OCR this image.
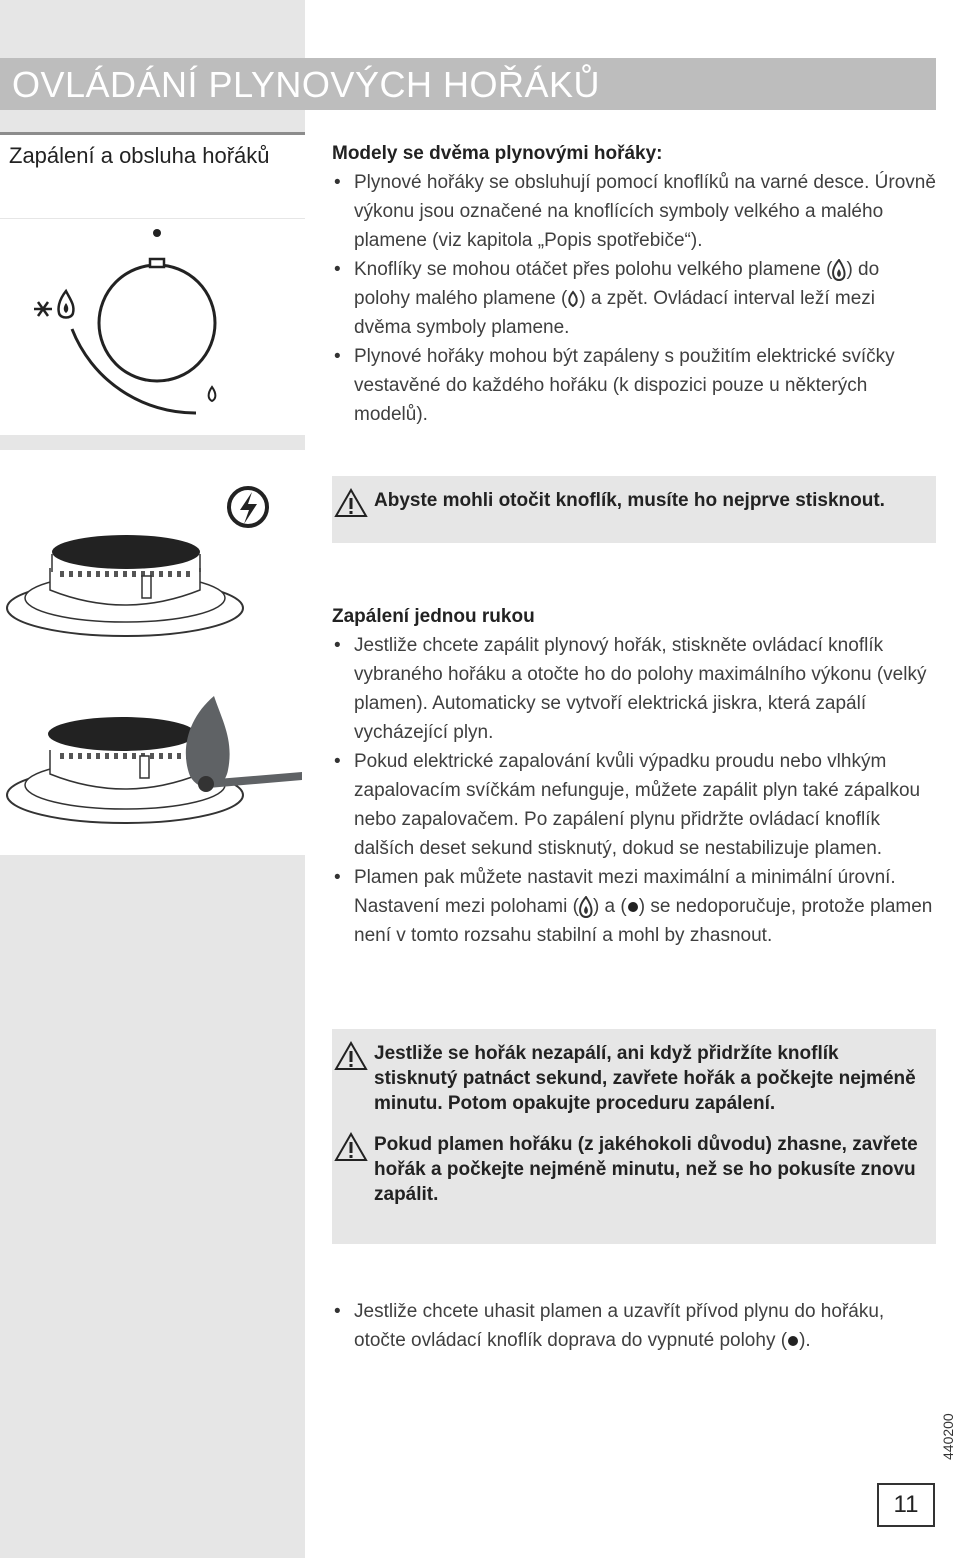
OVLÁDÁNÍ PLYNOVÝCH HOŘÁKŮ
Zapálení a obsluha hořáků	Modely se dvěma plynovými hořáky:

• Plynové hořáky se obsluhují pomocí knoflíků na varné desce. Úrovně výkonu jsou označené na knoflících symboly velkého a malého plamene (viz kapitola „Popis spotřebiče“).
• Knoflíky se mohou otáčet přes polohu velkého plamene ( ) do polohy malého plamene ( ) a zpět. Ovládací interval leží mezi dvěma symboly plamene.
• Plynové hořáky mohou být zapáleny s použitím elektrické svíčky vestavěné do každého hořáku (k dispozici pouze u některých modelů).
Abyste mohli otočit knoflík, musíte ho nejprve stisknout.

Zapálení jednou rukou

• Jestliže chcete zapálit plynový hořák, stiskněte ovládací knoflík vybraného hořáku a otočte ho do polohy maximálního výkonu (velký plamen). Automaticky se vytvoří elektrická jiskra, která zapálí vycházející plyn.
• Pokud elektrické zapalování kvůli výpadku proudu nebo vlhkým zapalovacím svíčkám nefunguje, můžete zapálit plyn také zápalkou nebo zapalovačem. Po zapálení plynu přidržte ovládací knoflík dalších deset sekund stisknutý, dokud se nestabilizuje plamen.
• Plamen pak můžete nastavit mezi maximální a minimální úrovní. Nastavení mezi polohami ( ) a ( ) se nedoporučuje, protože plamen není v tomto rozsahu stabilní a mohl by zhasnout.
Jestliže se hořák nezapálí, ani když přidržíte knoflík stisknutý patnáct sekund, zavřete hořák a počkejte nejméně minutu. Potom opakujte proceduru zapálení.
Pokud plamen hořáku (z jakéhokoli důvodu) zhasne, zavřete hořák a počkejte nejméně minutu, než se ho pokusíte znovu zapálit.
• Jestliže chcete uhasit plamen a uzavřít přívod plynu do hořáku, otočte ovládací knoflík doprava do vypnuté polohy ( ).
440200
11
